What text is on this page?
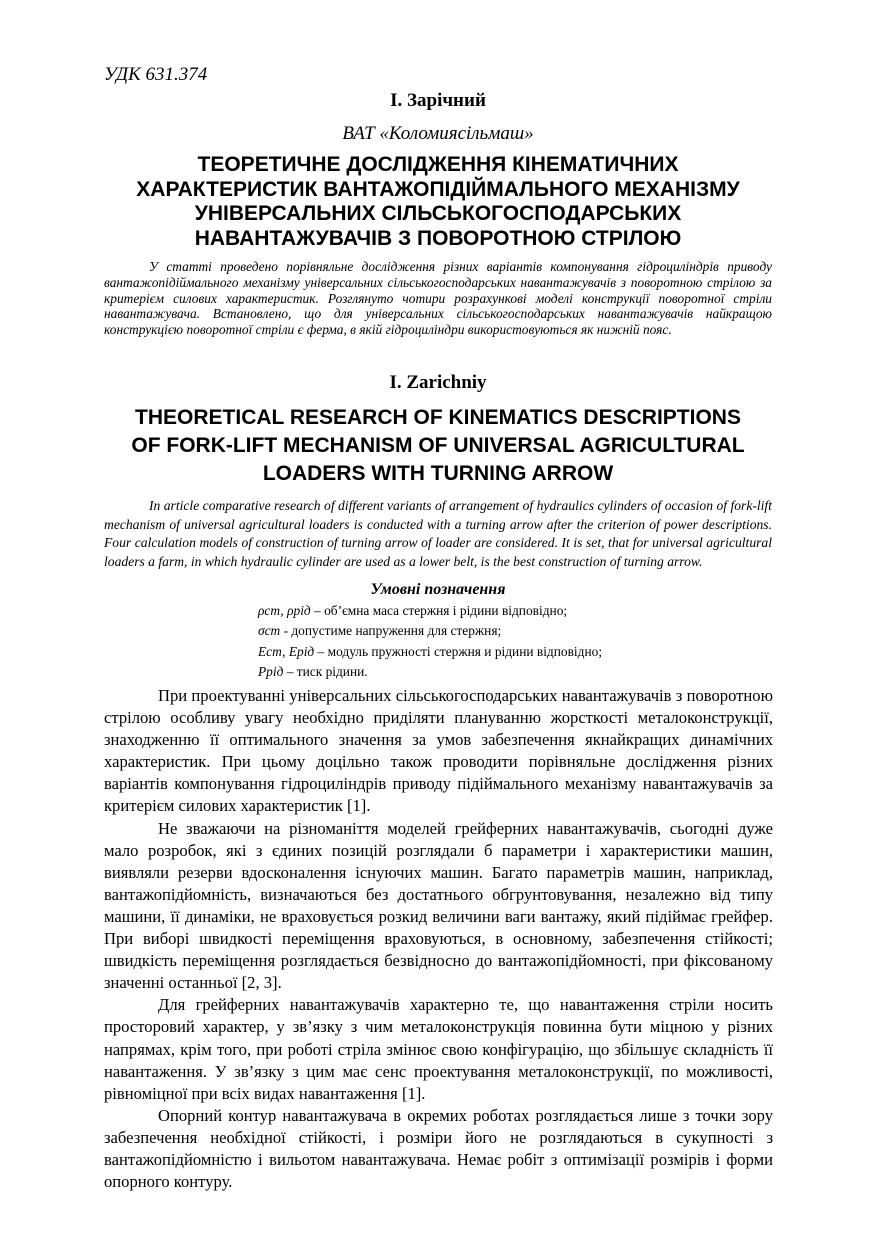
УДК 631.374
І. Зарічний
ВАТ «Коломиясільмаш»
ТЕОРЕТИЧНЕ ДОСЛІДЖЕННЯ КІНЕМАТИЧНИХ
ХАРАКТЕРИСТИК ВАНТАЖОПІДІЙМАЛЬНОГО МЕХАНІЗМУ
УНІВЕРСАЛЬНИХ СІЛЬСЬКОГОСПОДАРСЬКИХ
НАВАНТАЖУВАЧІВ З ПОВОРОТНОЮ СТРІЛОЮ
У статті проведено порівняльне дослідження різних варіантів компонування гідроциліндрів приводу вантажопідіймального механізму універсальних сільськогосподарських навантажувачів з поворотною стрілою за критерієм силових характеристик. Розглянуто чотири розрахункові моделі конструкції поворотної стріли навантажувача. Встановлено, що для універсальних сільськогосподарських навантажувачів найкращою конструкцією поворотної стріли є ферма, в якій гідроциліндри використовуються як нижній пояс.
I. Zarichniy
THEORETICAL RESEARCH OF KINEMATICS DESCRIPTIONS
OF FORK-LIFT MECHANISM OF UNIVERSAL AGRICULTURAL
LOADERS WITH TURNING ARROW
In article comparative research of different variants of arrangement of hydraulics cylinders of occasion of fork-lift mechanism of universal agricultural loaders is conducted with a turning arrow after the criterion of power descriptions. Four calculation models of construction of turning arrow of loader are considered. It is set, that for universal agricultural loaders a farm, in which hydraulic cylinder are used as a lower belt, is the best construction of turning arrow.
Умовні позначення
ρст, ρрід – об’ємна маса стержня і рідини відповідно;
σст - допустиме напруження для стержня;
Ест, Ерід – модуль пружності стержня и рідини відповідно;
Ррід – тиск рідини.

При проектуванні універсальних сільськогосподарських навантажувачів з поворотною стрілою особливу увагу необхідно приділяти плануванню жорсткості металоконструкції, знаходженню її оптимального значення за умов забезпечення якнайкращих динамічних характеристик. При цьому доцільно також проводити порівняльне дослідження різних варіантів компонування гідроциліндрів приводу підіймального механізму навантажувачів за критерієм силових характеристик [1].

Не зважаючи на різноманіття моделей грейферних навантажувачів, сьогодні дуже мало розробок, які з єдиних позицій розглядали б параметри і характеристики машин, виявляли резерви вдосконалення існуючих машин. Багато параметрів машин, наприклад, вантажопідйомність, визначаються без достатнього обгрунтовування, незалежно від типу машини, її динаміки, не враховується розкид величини ваги вантажу, який підіймає грейфер. При виборі швидкості переміщення враховуються, в основному, забезпечення стійкості; швидкість переміщення розглядається безвідносно до вантажопідйомності, при фіксованому значенні останньої [2, 3].

Для грейферних навантажувачів характерно те, що навантаження стріли носить просторовий характер, у зв’язку з чим металоконструкція повинна бути міцною у різних напрямах, крім того, при роботі стріла змінює свою конфігурацію, що збільшує складність її навантаження. У зв’язку з цим має сенс проектування металоконструкції, по можливості, рівноміцної при всіх видах навантаження [1].

Опорний контур навантажувача в окремих роботах розглядається лише з точки зору забезпечення необхідної стійкості, і розміри його не розглядаються в сукупності з вантажопідйомністю і вильотом навантажувача. Немає робіт з оптимізації розмірів і форми опорного контуру.
